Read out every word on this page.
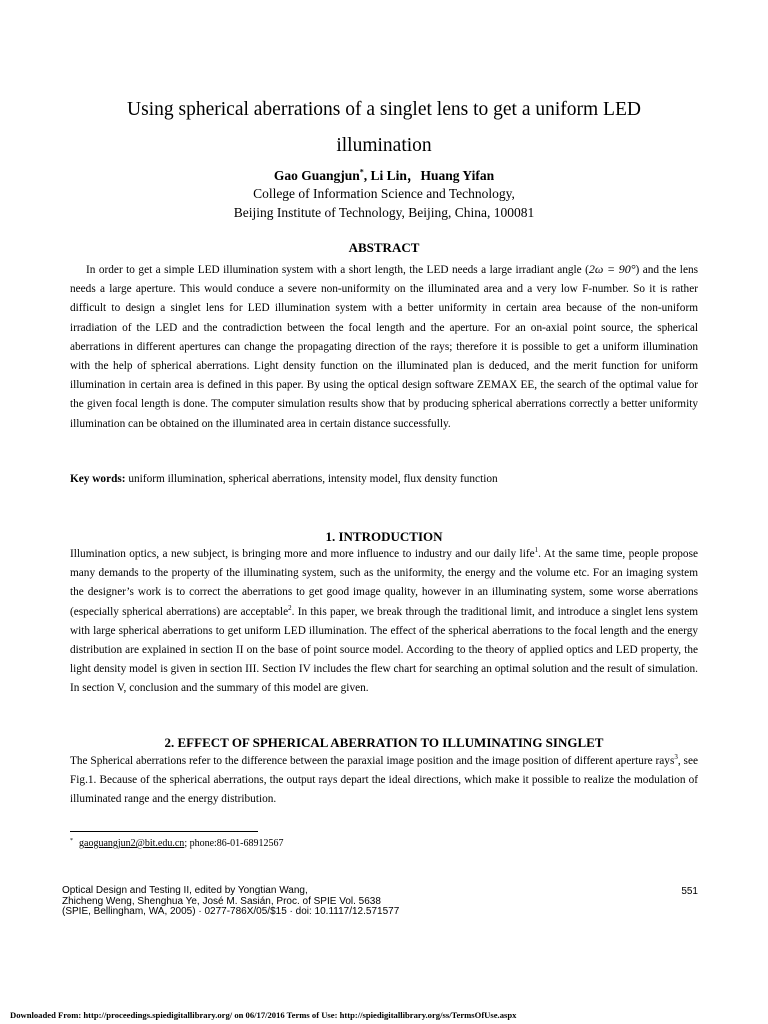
Using spherical aberrations of a singlet lens to get a uniform LED
illumination
Gao Guangjun*, Li Lin，Huang Yifan
College of Information Science and Technology,
Beijing Institute of Technology, Beijing, China, 100081
ABSTRACT

In order to get a simple LED illumination system with a short length, the LED needs a large irradiant angle (2ω = 90°) and the lens needs a large aperture. This would conduce a severe non-uniformity on the illuminated area and a very low F-number. So it is rather difficult to design a singlet lens for LED illumination system with a better uniformity in certain area because of the non-uniform irradiation of the LED and the contradiction between the focal length and the aperture. For an on-axial point source, the spherical aberrations in different apertures can change the propagating direction of the rays; therefore it is possible to get a uniform illumination with the help of spherical aberrations. Light density function on the illuminated plan is deduced, and the merit function for uniform illumination in certain area is defined in this paper. By using the optical design software ZEMAX EE, the search of the optimal value for the given focal length is done. The computer simulation results show that by producing spherical aberrations correctly a better uniformity illumination can be obtained on the illuminated area in certain distance successfully.

Key words: uniform illumination, spherical aberrations, intensity model, flux density function
1. INTRODUCTION

Illumination optics, a new subject, is bringing more and more influence to industry and our daily life$^1$. At the same time, people propose many demands to the property of the illuminating system, such as the uniformity, the energy and the volume etc. For an imaging system the designer’s work is to correct the aberrations to get good image quality, however in an illuminating system, some worse aberrations (especially spherical aberrations) are acceptable$^2$. In this paper, we break through the traditional limit, and introduce a singlet lens system with large spherical aberrations to get uniform LED illumination. The effect of the spherical aberrations to the focal length and the energy distribution are explained in section II on the base of point source model. According to the theory of applied optics and LED property, the light density model is given in section III. Section IV includes the flew chart for searching an optimal solution and the result of simulation. In section V, conclusion and the summary of this model are given.

2. EFFECT OF SPHERICAL ABERRATION TO ILLUMINATING SINGLET

The Spherical aberrations refer to the difference between the paraxial image position and the image position of different aperture rays$^3$, see Fig.1. Because of the spherical aberrations, the output rays depart the ideal directions, which make it possible to realize the modulation of illuminated range and the energy distribution.

* gaoguangjun2@bit.edu.cn; phone:86-01-68912567
Optical Design and Testing II, edited by Yongtian Wang,
Zhicheng Weng, Shenghua Ye, José M. Sasián, Proc. of SPIE Vol. 5638
(SPIE, Bellingham, WA, 2005) · 0277-786X/05/$15 · doi: 10.1117/12.571577
551
Downloaded From: http://proceedings.spiedigitallibrary.org/ on 06/17/2016 Terms of Use: http://spiedigitallibrary.org/ss/TermsOfUse.aspx
